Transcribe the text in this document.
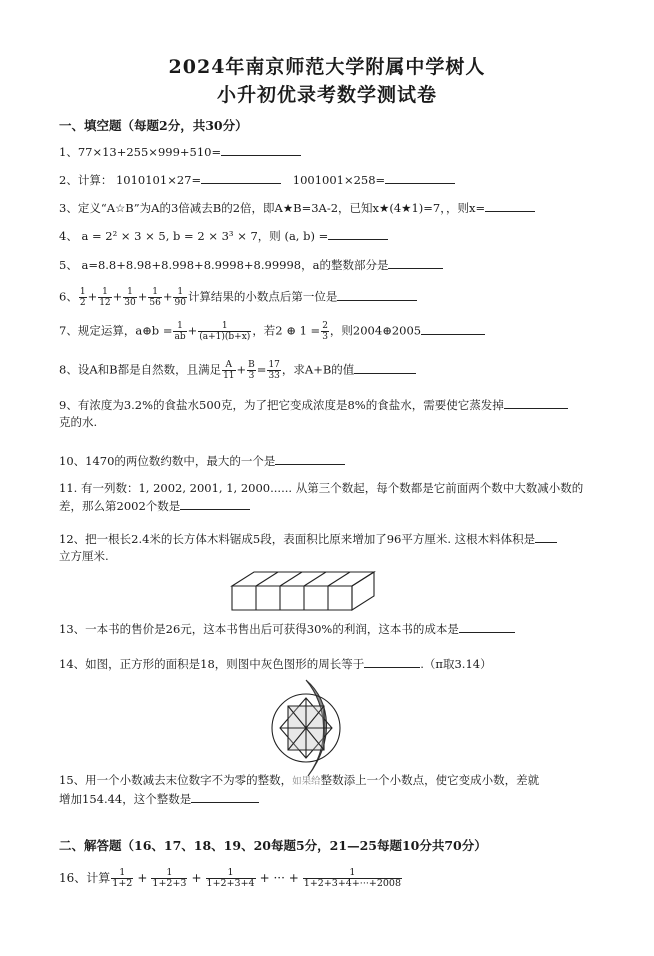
2024年南京师范大学附属中学树人
小升初优录考数学测试卷
一、填空题（每题2分，共30分）
1、77×13+255×999+510=
2、计算： 1010101×27=	1001001×258=
3、定义“A☆B”为A的3倍减去B的2倍，即A★B=3A-2，已知x★(4★1)=7，，则x=
4、 a = 2² × 3 × 5, b = 2 × 3³ × 7，则 (a, b) =
5、 a=8.8+8.98+8.998+8.9998+8.99998，a的整数部分是
6、 $\frac{1}{2} + \frac{1}{12} + \frac{1}{30} + \frac{1}{56} + \frac{1}{90}$ 计算结果的小数点后第一位是
7、规定运算，a⊕b = $\frac{1}{ab} + \frac{1}{(a+1)(b+x)}$ ，若2 ⊕ $1 = \frac{2}{3}$ ，则2004⊕2005
8、设A和B都是自然数，且满足 $\frac{A}{11} + \frac{B}{3} = \frac{17}{33}$ ，求A+B的值
9、有浓度为3.2%的食盐水500克，为了把它变成浓度是8%的食盐水，需要使它蒸发掉
克的水.
10、1470的两位数约数中，最大的一个是
11. 有一列数：1, 2002, 2001, 1, 2000...... 从第三个数起，每个数都是它前面两个数中大数减小数的
差，那么第2002个数是
12、把一根长2.4米的长方体木料锯成5段，表面积比原来增加了96平方厘米. 这根木料体积是
立方厘米.
13、一本书的售价是26元，这本书售出后可获得30%的利润，这本书的成本是
14、如图，正方形的面积是18，则图中灰色图形的周长等于	.（π取3.14）
15、用一个小数减去末位数字不为零的整数，如果给整数添上一个小数点，使它变成小数，差就
增加154.44，这个整数是
二、解答题（16、17、18、19、20每题5分，21—25每题10分共70分）
16、计算 $\frac{1}{1+2} + \frac{1}{1+2+3} + \frac{1}{1+2+3+4}$ + ··· + $\frac{1}{1+2+3+4+\cdot\cdot\cdot+2008}$
